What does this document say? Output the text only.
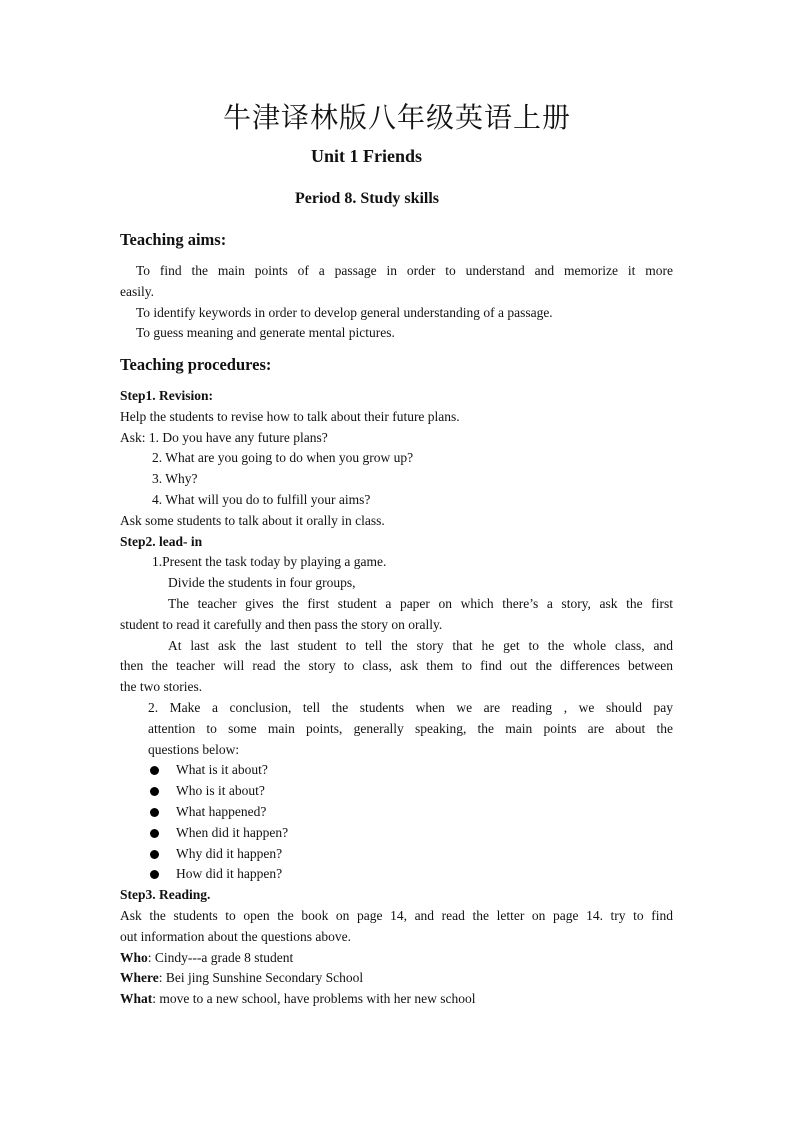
牛津译林版八年级英语上册
Unit 1 Friends
Period 8. Study skills
Teaching aims:
To find the main points of a passage in order to understand and memorize it more
easily.
To identify keywords in order to develop general understanding of a passage.
To guess meaning and generate mental pictures.
Teaching procedures:
Step1. Revision:
Help the students to revise how to talk about their future plans.
Ask: 1. Do you have any future plans?
2. What are you going to do when you grow up?
3. Why?
4. What will you do to fulfill your aims?
Ask some students to talk about it orally in class.
Step2. lead- in
1.Present the task today by playing a game.
Divide the students in four groups,
The teacher gives the first student a paper on which there’s a story, ask the first
student to read it carefully and then pass the story on orally.
At last ask the last student to tell the story that he get to the whole class, and
then the teacher will read the story to class, ask them to find out the differences between
the two stories.
2. Make a conclusion, tell the students when we are reading , we should pay
attention to some main points, generally speaking, the main points are about the
questions below:
What is it about?
Who is it about?
What happened?
When did it happen?
Why did it happen?
How did it happen?
Step3. Reading.
Ask the students to open the book on page 14, and read the letter on page 14. try to find
out information about the questions above.
Who: Cindy---a grade 8 student
Where: Bei jing Sunshine Secondary School
What: move to a new school, have problems with her new school
